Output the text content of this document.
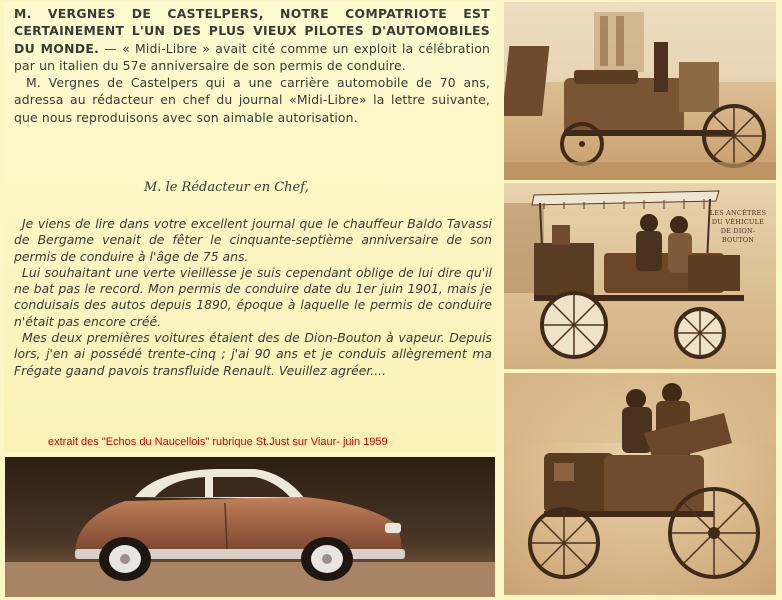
M. VERGNES DE CASTELPERS, NOTRE COMPATRIOTE EST CERTAINEMENT L'UN DES PLUS VIEUX PILOTES D'AUTOMOBILES DU MONDE. — « Midi-Libre » avait cité comme un exploit la célébration par un italien du 57e anniversaire de son permis de conduire.

M. Vergnes de Castelpers qui a une carrière automobile de 70 ans, adressa au rédacteur en chef du journal «Midi-Libre» la lettre suivante, que nous reproduisons avec son aimable autorisation.

M. le Rédacteur en Chef,

Je viens de lire dans votre excellent journal que le chauffeur Baldo Tavassi de Bergame venait de fêter le cinquante-septième anniversaire de son permis de conduire à l'âge de 75 ans.

Lui souhaitant une verte vieillesse je suis cependant oblige de lui dire qu'il ne bat pas le record. Mon permis de conduire date du 1er juin 1901, mais je conduisais des autos depuis 1890, époque à laquelle le permis de conduire n'était pas encore créé.

Mes deux premières voitures étaient des de Dion-Bouton à vapeur. Depuis lors, j'en ai possédé trente-cinq ; j'ai 90 ans et je conduis allègrement ma Frégate gaand pavois transfluide Renault. Veuillez agréer....

extrait des "Echos du Naucellois" rubrique St.Just sur Viaur- juin 1959
LES ANCÊTRES DU VÉHICULE DE DION-BOUTON
